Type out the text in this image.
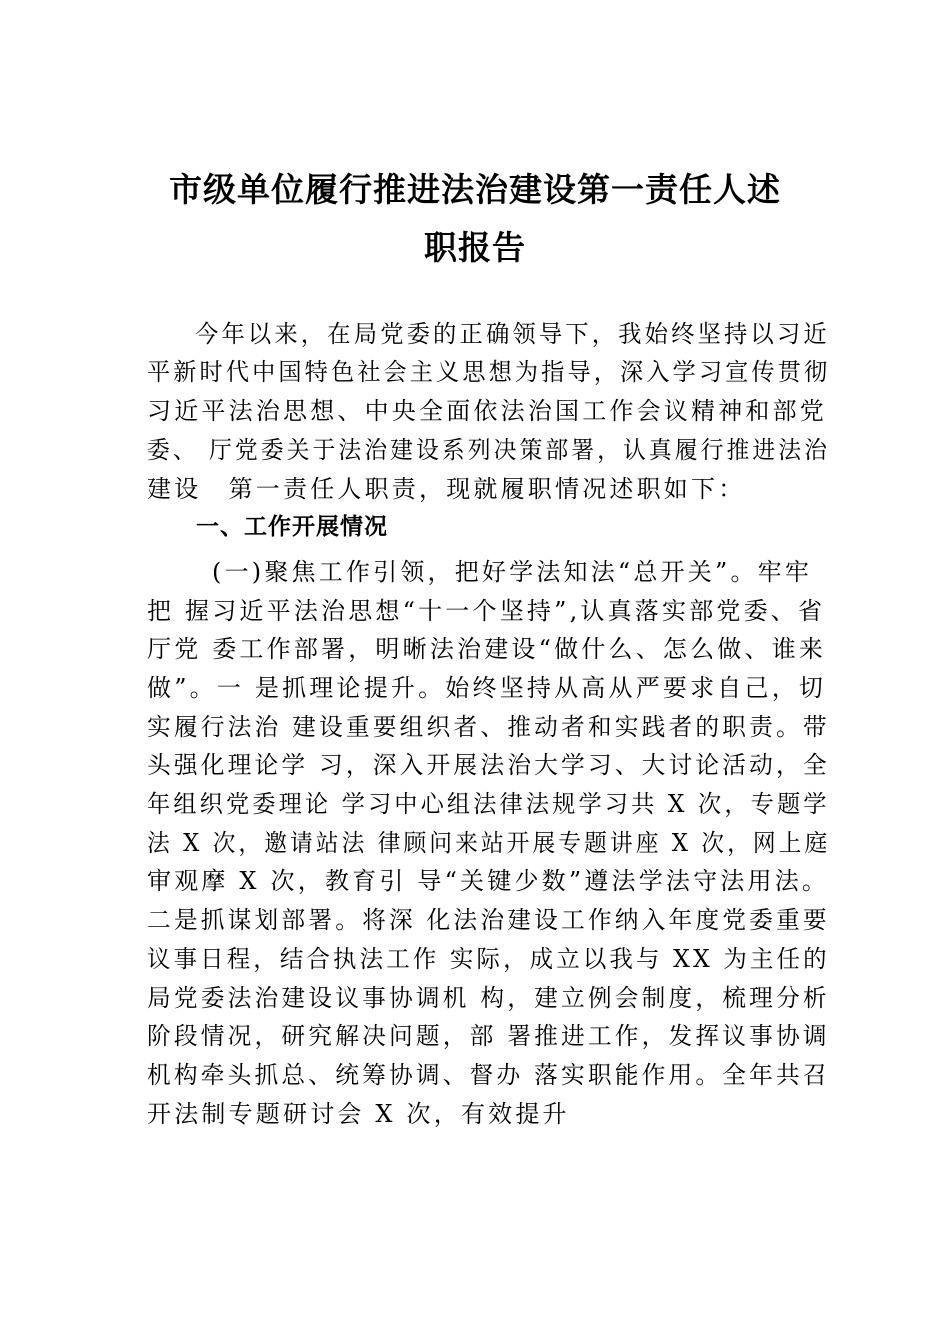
市级单位履行推进法治建设第一责任人述
职报告
今年以来，在局党委的正确领导下，我始终坚持以习近
平新时代中国特色社会主义思想为指导，深入学习宣传贯彻
习近平法治思想、中央全面依法治国工作会议精神和部党
委、 厅党委关于法治建设系列决策部署，认真履行推进法治
建设　第一责任人职责，现就履职情况述职如下：
一、工作开展情况
(一)聚焦工作引领，把好学法知法“总开关”。牢牢
把 握习近平法治思想“十一个坚持”,认真落实部党委、省
厅党 委工作部署，明晰法治建设“做什么、怎么做、谁来
做”。一 是抓理论提升。始终坚持从高从严要求自己，切
实履行法治 建设重要组织者、推动者和实践者的职责。带
头强化理论学 习，深入开展法治大学习、大讨论活动，全
年组织党委理论 学习中心组法律法规学习共 X 次，专题学
法 X 次，邀请站法 律顾问来站开展专题讲座 X 次，网上庭
审观摩 X 次，教育引 导“关键少数”遵法学法守法用法。
二是抓谋划部署。将深 化法治建设工作纳入年度党委重要
议事日程，结合执法工作 实际，成立以我与 XX 为主任的
局党委法治建设议事协调机 构，建立例会制度，梳理分析
阶段情况，研究解决问题，部 署推进工作，发挥议事协调
机构牵头抓总、统筹协调、督办 落实职能作用。全年共召
开法制专题研讨会 X 次，有效提升
